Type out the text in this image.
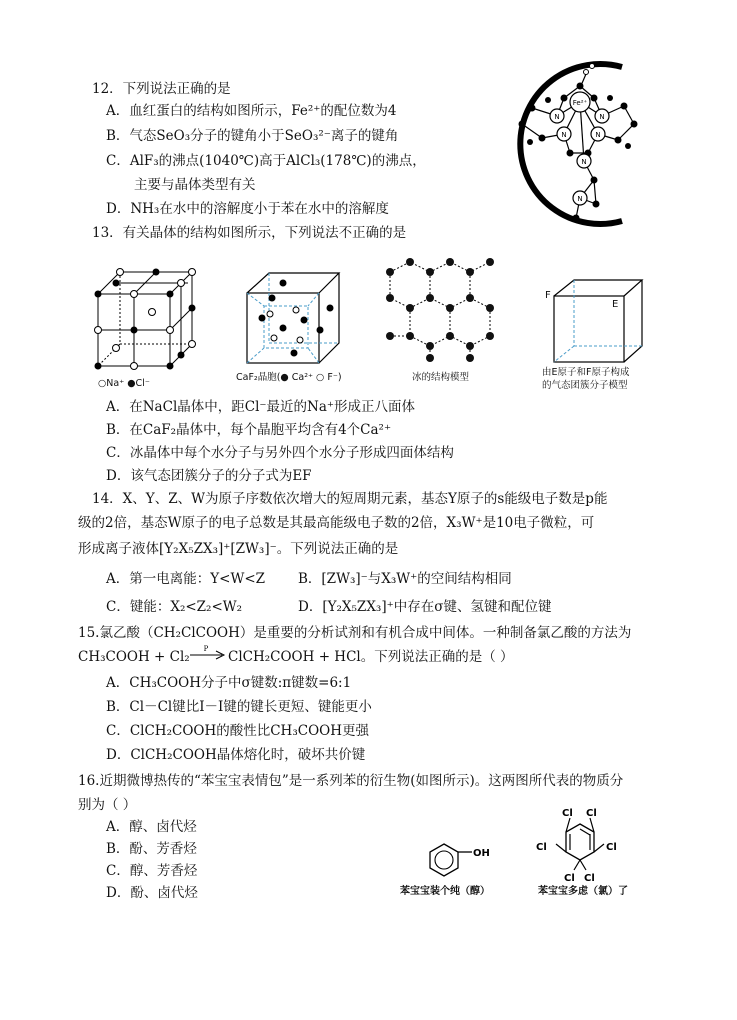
12．下列说法正确的是
A．血红蛋白的结构如图所示，Fe²⁺的配位数为4
B．气态SeO₃分子的键角小于SeO₃²⁻离子的键角
C．AlF₃的沸点(1040℃)高于AlCl₃(178℃)的沸点，
主要与晶体类型有关
D．NH₃在水中的溶解度小于苯在水中的溶解度
Fe²⁺
N	N
N	N
N
N
13．有关晶体的结构如图所示，下列说法不正确的是
○Na⁺ ●Cl⁻
CaF₂晶胞(● Ca²⁺ ○ F⁻)	冰的结构模型
F
E
由E原子和F原子构成
的气态团簇分子模型
A．在NaCl晶体中，距Cl⁻最近的Na⁺形成正八面体
B．在CaF₂晶体中，每个晶胞平均含有4个Ca²⁺
C．冰晶体中每个水分子与另外四个水分子形成四面体结构
D．该气态团簇分子的分子式为EF
14．X、Y、Z、W为原子序数依次增大的短周期元素，基态Y原子的s能级电子数是p能
级的2倍，基态W原子的电子总数是其最高能级电子数的2倍，X₃W⁺是10电子微粒，可
形成离子液体[Y₂X₅ZX₃]⁺[ZW₃]⁻。下列说法正确的是
A．第一电离能：Y<W<Z B．[ZW₃]⁻与X₃W⁺的空间结构相同
C．键能：X₂<Z₂<W₂	D．[Y₂X₅ZX₃]⁺中存在σ键、氢键和配位键
15.氯乙酸（CH₂ClCOOH）是重要的分析试剂和有机合成中间体。一种制备氯乙酸的方法为
CH₃COOH + Cl₂ P ClCH₂COOH + HCl。下列说法正确的是（ ）
A．CH₃COOH分子中σ键数:π键数=6:1
B．Cl－Cl键比I－I键的键长更短、键能更小
C．ClCH₂COOH的酸性比CH₃COOH更强
D．ClCH₂COOH晶体熔化时，破坏共价键
16.近期微博热传的“苯宝宝表情包”是一系列苯的衍生物(如图所示)。这两图所代表的物质分
别为（ ）
A．醇、卤代烃
B．酚、芳香烃
C．醇、芳香烃
D．酚、卤代烃
OH
苯宝宝装个纯（醇）
Cl Cl
Cl	Cl
Cl Cl
苯宝宝多虑（氯）了
